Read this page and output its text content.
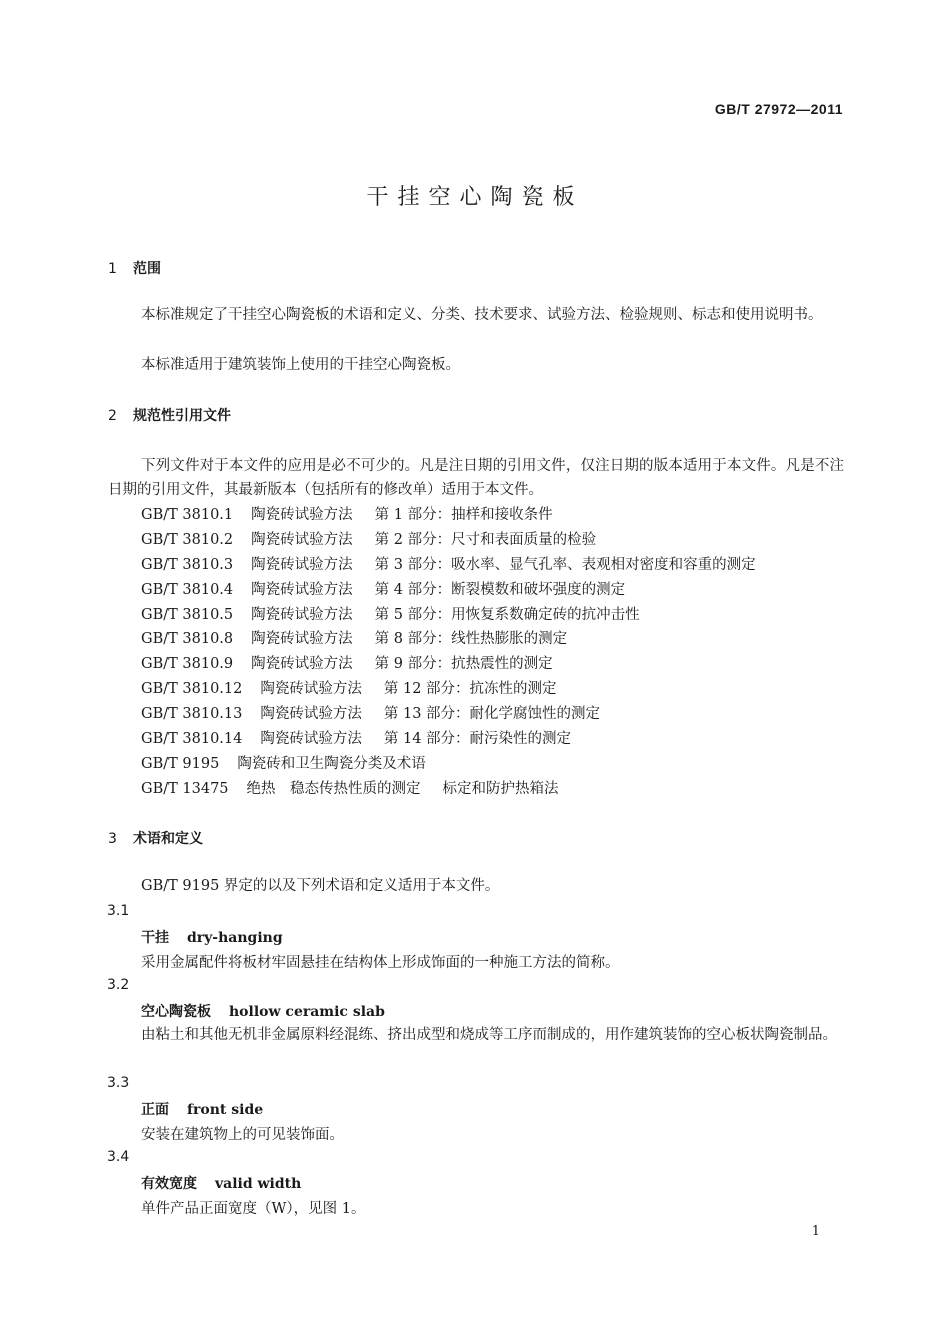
GB/T 27972—2011
干挂空心陶瓷板
1 范围
本标准规定了干挂空心陶瓷板的术语和定义、分类、技术要求、试验方法、检验规则、标志和使用说明书。
本标准适用于建筑装饰上使用的干挂空心陶瓷板。
2 规范性引用文件
下列文件对于本文件的应用是必不可少的。凡是注日期的引用文件，仅注日期的版本适用于本文件。凡是不注日期的引用文件，其最新版本（包括所有的修改单）适用于本文件。
GB/T 3810.1 陶瓷砖试验方法 第 1 部分：抽样和接收条件
GB/T 3810.2 陶瓷砖试验方法 第 2 部分：尺寸和表面质量的检验
GB/T 3810.3 陶瓷砖试验方法 第 3 部分：吸水率、显气孔率、表观相对密度和容重的测定
GB/T 3810.4 陶瓷砖试验方法 第 4 部分：断裂模数和破坏强度的测定
GB/T 3810.5 陶瓷砖试验方法 第 5 部分：用恢复系数确定砖的抗冲击性
GB/T 3810.8 陶瓷砖试验方法 第 8 部分：线性热膨胀的测定
GB/T 3810.9 陶瓷砖试验方法 第 9 部分：抗热震性的测定
GB/T 3810.12 陶瓷砖试验方法 第 12 部分：抗冻性的测定
GB/T 3810.13 陶瓷砖试验方法 第 13 部分：耐化学腐蚀性的测定
GB/T 3810.14 陶瓷砖试验方法 第 14 部分：耐污染性的测定
GB/T 9195 陶瓷砖和卫生陶瓷分类及术语
GB/T 13475 绝热　稳态传热性质的测定 标定和防护热箱法
3 术语和定义
GB/T 9195 界定的以及下列术语和定义适用于本文件。
3.1
干挂 dry-hanging
采用金属配件将板材牢固悬挂在结构体上形成饰面的一种施工方法的简称。
3.2
空心陶瓷板 hollow ceramic slab
由粘土和其他无机非金属原料经混练、挤出成型和烧成等工序而制成的，用作建筑装饰的空心板状陶瓷制品。
3.3
正面 front side
安装在建筑物上的可见装饰面。
3.4
有效宽度 valid width
单件产品正面宽度（W），见图 1。
1
